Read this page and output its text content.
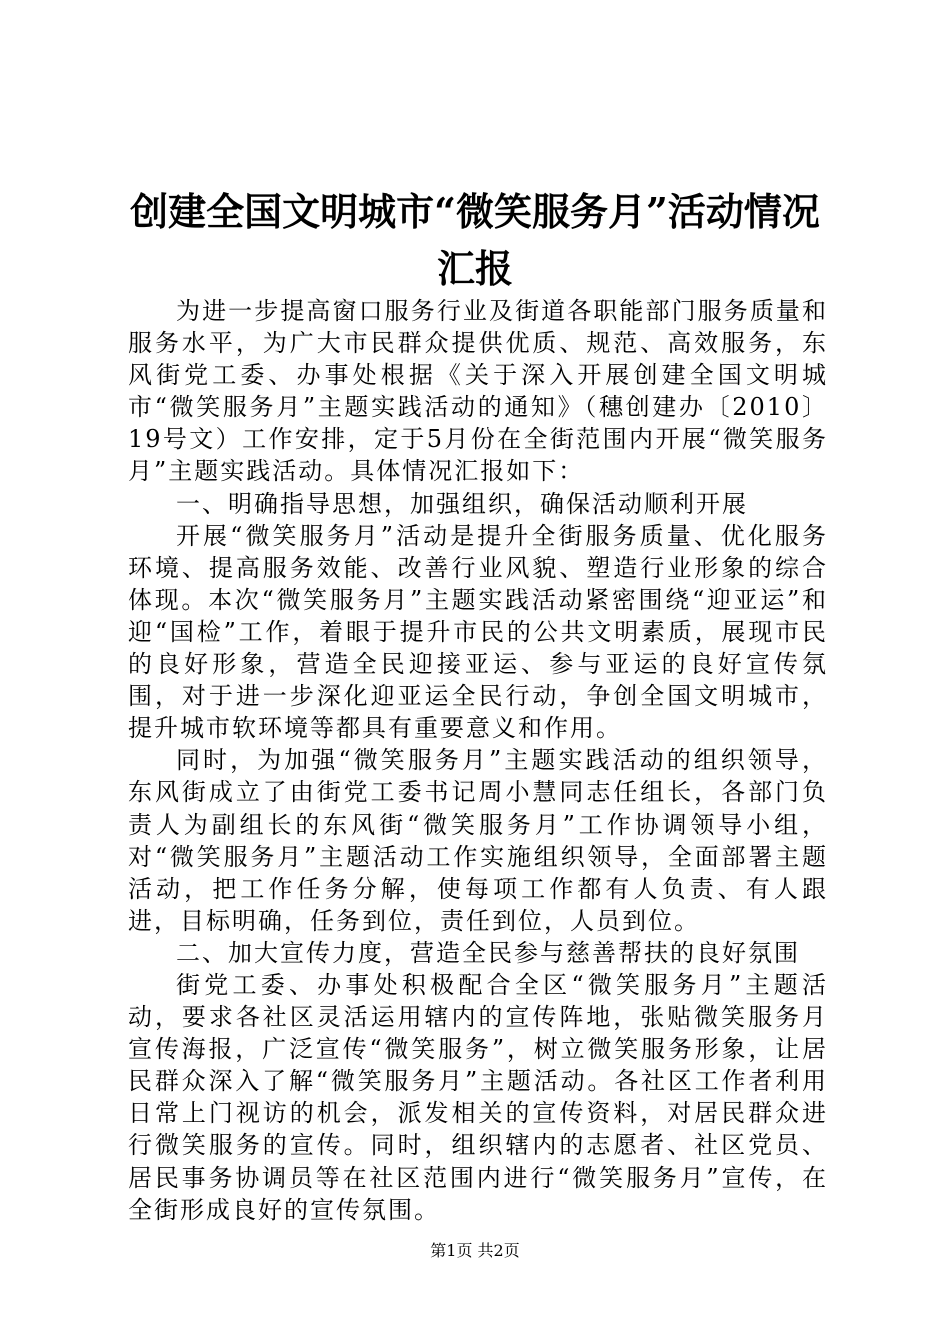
创建全国文明城市“微笑服务月”活动情况汇报

为进一步提高窗口服务行业及街道各职能部门服务质量和服务水平，为广大市民群众提供优质、规范、高效服务，东风街党工委、办事处根据《关于深入开展创建全国文明城市“微笑服务月”主题实践活动的通知》（穗创建办〔2010〕19号文）工作安排，定于5月份在全街范围内开展“微笑服务月”主题实践活动。具体情况汇报如下：

一、明确指导思想，加强组织，确保活动顺利开展

开展“微笑服务月”活动是提升全街服务质量、优化服务环境、提高服务效能、改善行业风貌、塑造行业形象的综合体现。本次“微笑服务月”主题实践活动紧密围绕“迎亚运”和迎“国检”工作，着眼于提升市民的公共文明素质，展现市民的良好形象，营造全民迎接亚运、参与亚运的良好宣传氛围，对于进一步深化迎亚运全民行动，争创全国文明城市，提升城市软环境等都具有重要意义和作用。

同时，为加强“微笑服务月”主题实践活动的组织领导，东风街成立了由街党工委书记周小慧同志任组长，各部门负责人为副组长的东风街“微笑服务月”工作协调领导小组，对“微笑服务月”主题活动工作实施组织领导，全面部署主题活动，把工作任务分解，使每项工作都有人负责、有人跟进，目标明确，任务到位，责任到位，人员到位。

二、加大宣传力度，营造全民参与慈善帮扶的良好氛围

街党工委、办事处积极配合全区“微笑服务月”主题活动，要求各社区灵活运用辖内的宣传阵地，张贴微笑服务月宣传海报，广泛宣传“微笑服务”，树立微笑服务形象，让居民群众深入了解“微笑服务月”主题活动。各社区工作者利用日常上门视访的机会，派发相关的宣传资料，对居民群众进行微笑服务的宣传。同时，组织辖内的志愿者、社区党员、居民事务协调员等在社区范围内进行“微笑服务月”宣传，在全街形成良好的宣传氛围。

第1页 共2页
